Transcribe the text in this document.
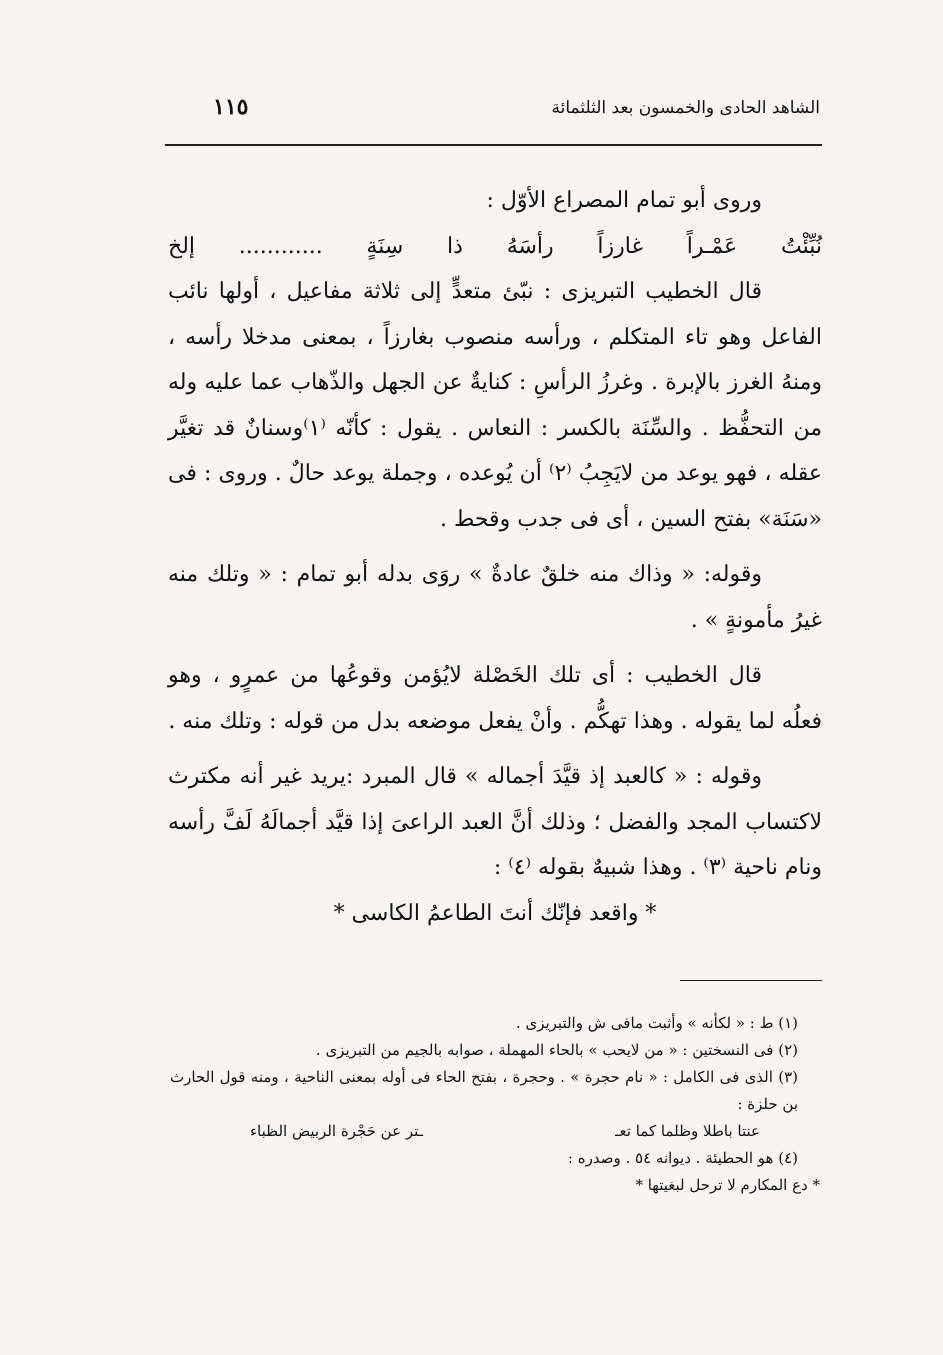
الشاهد الحادى والخمسون بعد الثلثمائة
١١٥

وروى أبو تمام المصراع الأوّل :

نُبِّئْتُ
عَمْـراً
غارزاً
رأسَهُ
ذا
سِنَةٍ
............
إلخ

قال الخطيب التبريزى : نبّئ متعدٍّ إلى ثلاثة مفاعيل ، أولها نائب الفاعل وهو تاء المتكلم ، ورأسه منصوب بغارزاً ، بمعنى مدخلا رأسه ، ومنهُ الغرز بالإبرة . وغرزُ الرأسِ : كنايةٌ عن الجهل والذّهاب عما عليه وله من التحفُّظ . والسِّنَة بالكسر : النعاس . يقول : كأنّه ⁽١⁾وسنانٌ قد تغيَّر عقله ، فهو يوعد من لايَجِبُ ⁽٢⁾ أن يُوعده ، وجملة يوعد حالٌ . وروى : فى «سَنَة» بفتح السين ، أى فى جدب وقحط .

وقوله: « وذاك منه خلقٌ عادةٌ » روَى بدله أبو تمام : « وتلك منه غيرُ مأمونةٍ » .

قال الخطيب : أى تلك الخَصْلة لايُؤمن وقوعُها من عمرٍو ، وهو فعلُه لما يقوله . وهذا تهكُّم . وأنْ يفعل موضعه بدل من قوله : وتلك منه .

وقوله : « كالعبد إذ قيَّدَ أجماله » قال المبرد :يريد غير أنه مكترث لاكتساب المجد والفضل ؛ وذلك أنَّ العبد الراعىَ إذا قيَّد أجمالَهُ لَفَّ رأسه ونام ناحية ⁽٣⁾ . وهذا شبيهٌ بقوله ⁽٤⁾ :

* واقعد فإنّك أنتَ الطاعمُ الكاسى *

(١) ط : « لكأنه » وأثبت مافى ش والتبريزى .

(٢) فى النسختين : « من لايحب » بالحاء المهملة ، صوابه بالجيم من التبريزى .

(٣) الذى فى الكامل : « نام حجرة » . وحجرة ، بفتح الحاء فى أوله بمعنى الناحية ، ومنه قول الحارث بن حلزة :

عنتا باطلا وظلما كما تعـ
ـتر عن حَجْرة الربيض الظباء

(٤) هو الحطيئة . ديوانه ٥٤ . وصدره :

* دع المكارم لا ترحل لبغيتها *
